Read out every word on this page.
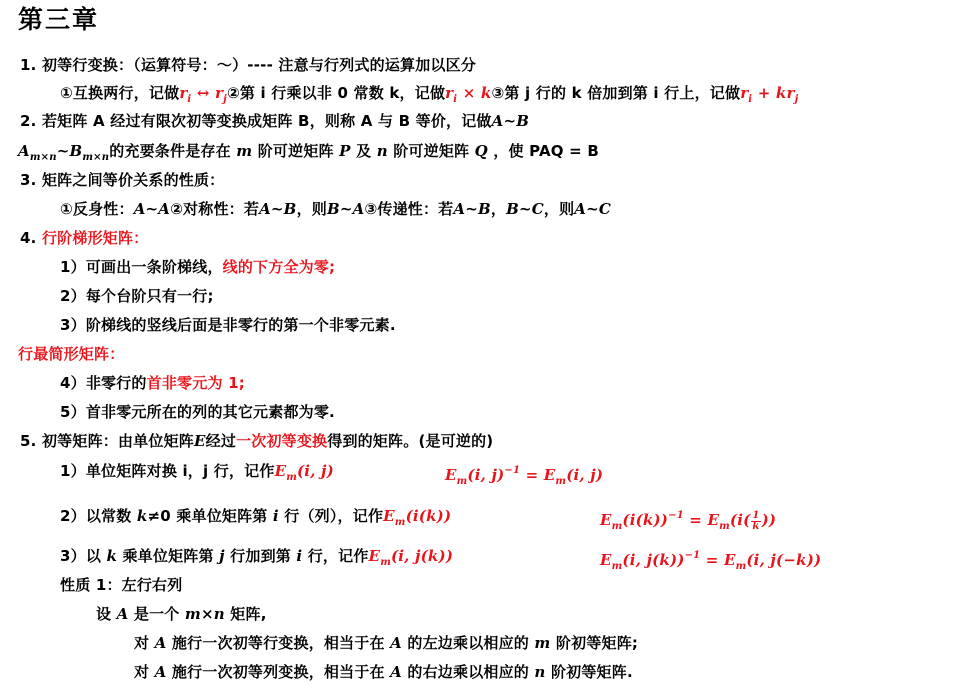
第三章
1. 初等行变换：（运算符号：～）---- 注意与行列式的运算加以区分
①互换两行，记做$r_i$ ↔ $r_j②$第 i 行乘以非 0 常数 k，记做$r_i$ × k③第 j 行的 k 倍加到第 i 行上，记做$r_i + kr_j$
2. 若矩阵 A 经过有限次初等变换成矩阵 B，则称 A 与 B 等价，记做A~B
$A_{m\times n}\sim B_{m\times n}$的充要条件是存在 m 阶可逆矩阵 P 及 n 阶可逆矩阵 Q ，使 PAQ = B
3. 矩阵之间等价关系的性质：
①反身性：A~A②对称性：若A~B，则B~A③传递性：若A~B，B~C，则A~C
4. 行阶梯形矩阵：
1）可画出一条阶梯线，线的下方全为零;
2）每个台阶只有一行;
3）阶梯线的竖线后面是非零行的第一个非零元素.
行最简形矩阵：
4）非零行的首非零元为 1;
5）首非零元所在的列的其它元素都为零.
5. 初等矩阵：由单位矩阵E经过一次初等变换得到的矩阵。(是可逆的)
1）单位矩阵对换 i，j 行，记作$E_m(i$, j)	$E_m(i$, $j)^{-1} = E_m(i$, j)
2）以常数 k≠0 乘单位矩阵第 i 行（列），记作$E_m(i(k))$	$E_m(i(k))^{-1} = E_m(i( \frac{1}{k}$ ))
3）以 k 乘单位矩阵第 j 行加到第 i 行，记作$E_m(i$, j(k))	$E_m(i$, $j(k))^{-1} = E_m(i$, j(−k))
性质 1：左行右列
设 A 是一个 m×n 矩阵,
对 A 施行一次初等行变换，相当于在 A 的左边乘以相应的 m 阶初等矩阵;
对 A 施行一次初等列变换，相当于在 A 的右边乘以相应的 n 阶初等矩阵.
